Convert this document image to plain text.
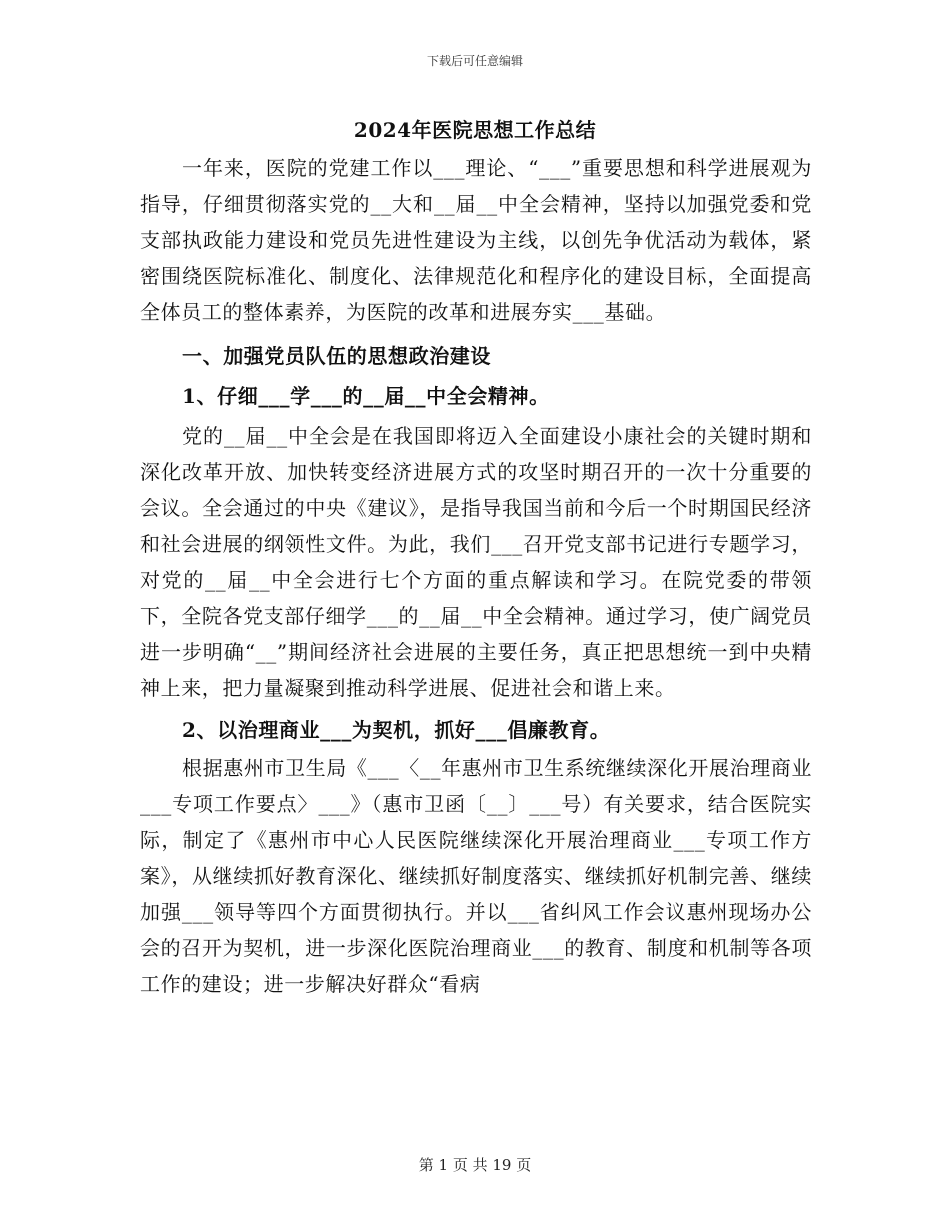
下载后可任意编辑
2024年医院思想工作总结

一年来，医院的党建工作以___理论、“___”重要思想和科学进展观为指导，仔细贯彻落实党的__大和__届__中全会精神，坚持以加强党委和党支部执政能力建设和党员先进性建设为主线，以创先争优活动为载体，紧密围绕医院标准化、制度化、法律规范化和程序化的建设目标，全面提高全体员工的整体素养，为医院的改革和进展夯实___基础。

一、加强党员队伍的思想政治建设

1、仔细___学___的__届__中全会精神。

党的__届__中全会是在我国即将迈入全面建设小康社会的关键时期和深化改革开放、加快转变经济进展方式的攻坚时期召开的一次十分重要的会议。全会通过的中央《建议》，是指导我国当前和今后一个时期国民经济和社会进展的纲领性文件。为此，我们___召开党支部书记进行专题学习，对党的__届__中全会进行七个方面的重点解读和学习。在院党委的带领下，全院各党支部仔细学___的__届__中全会精神。通过学习，使广阔党员进一步明确“__”期间经济社会进展的主要任务，真正把思想统一到中央精神上来，把力量凝聚到推动科学进展、促进社会和谐上来。

2、以治理商业___为契机，抓好___倡廉教育。

根据惠州市卫生局《___〈__年惠州市卫生系统继续深化开展治理商业___专项工作要点〉___》（惠市卫函〔__〕___号）有关要求，结合医院实际，制定了《惠州市中心人民医院继续深化开展治理商业___专项工作方案》，从继续抓好教育深化、继续抓好制度落实、继续抓好机制完善、继续加强___领导等四个方面贯彻执行。并以___省纠风工作会议惠州现场办公会的召开为契机，进一步深化医院治理商业___的教育、制度和机制等各项工作的建设；进一步解决好群众“看病

第 1 页 共 19 页
